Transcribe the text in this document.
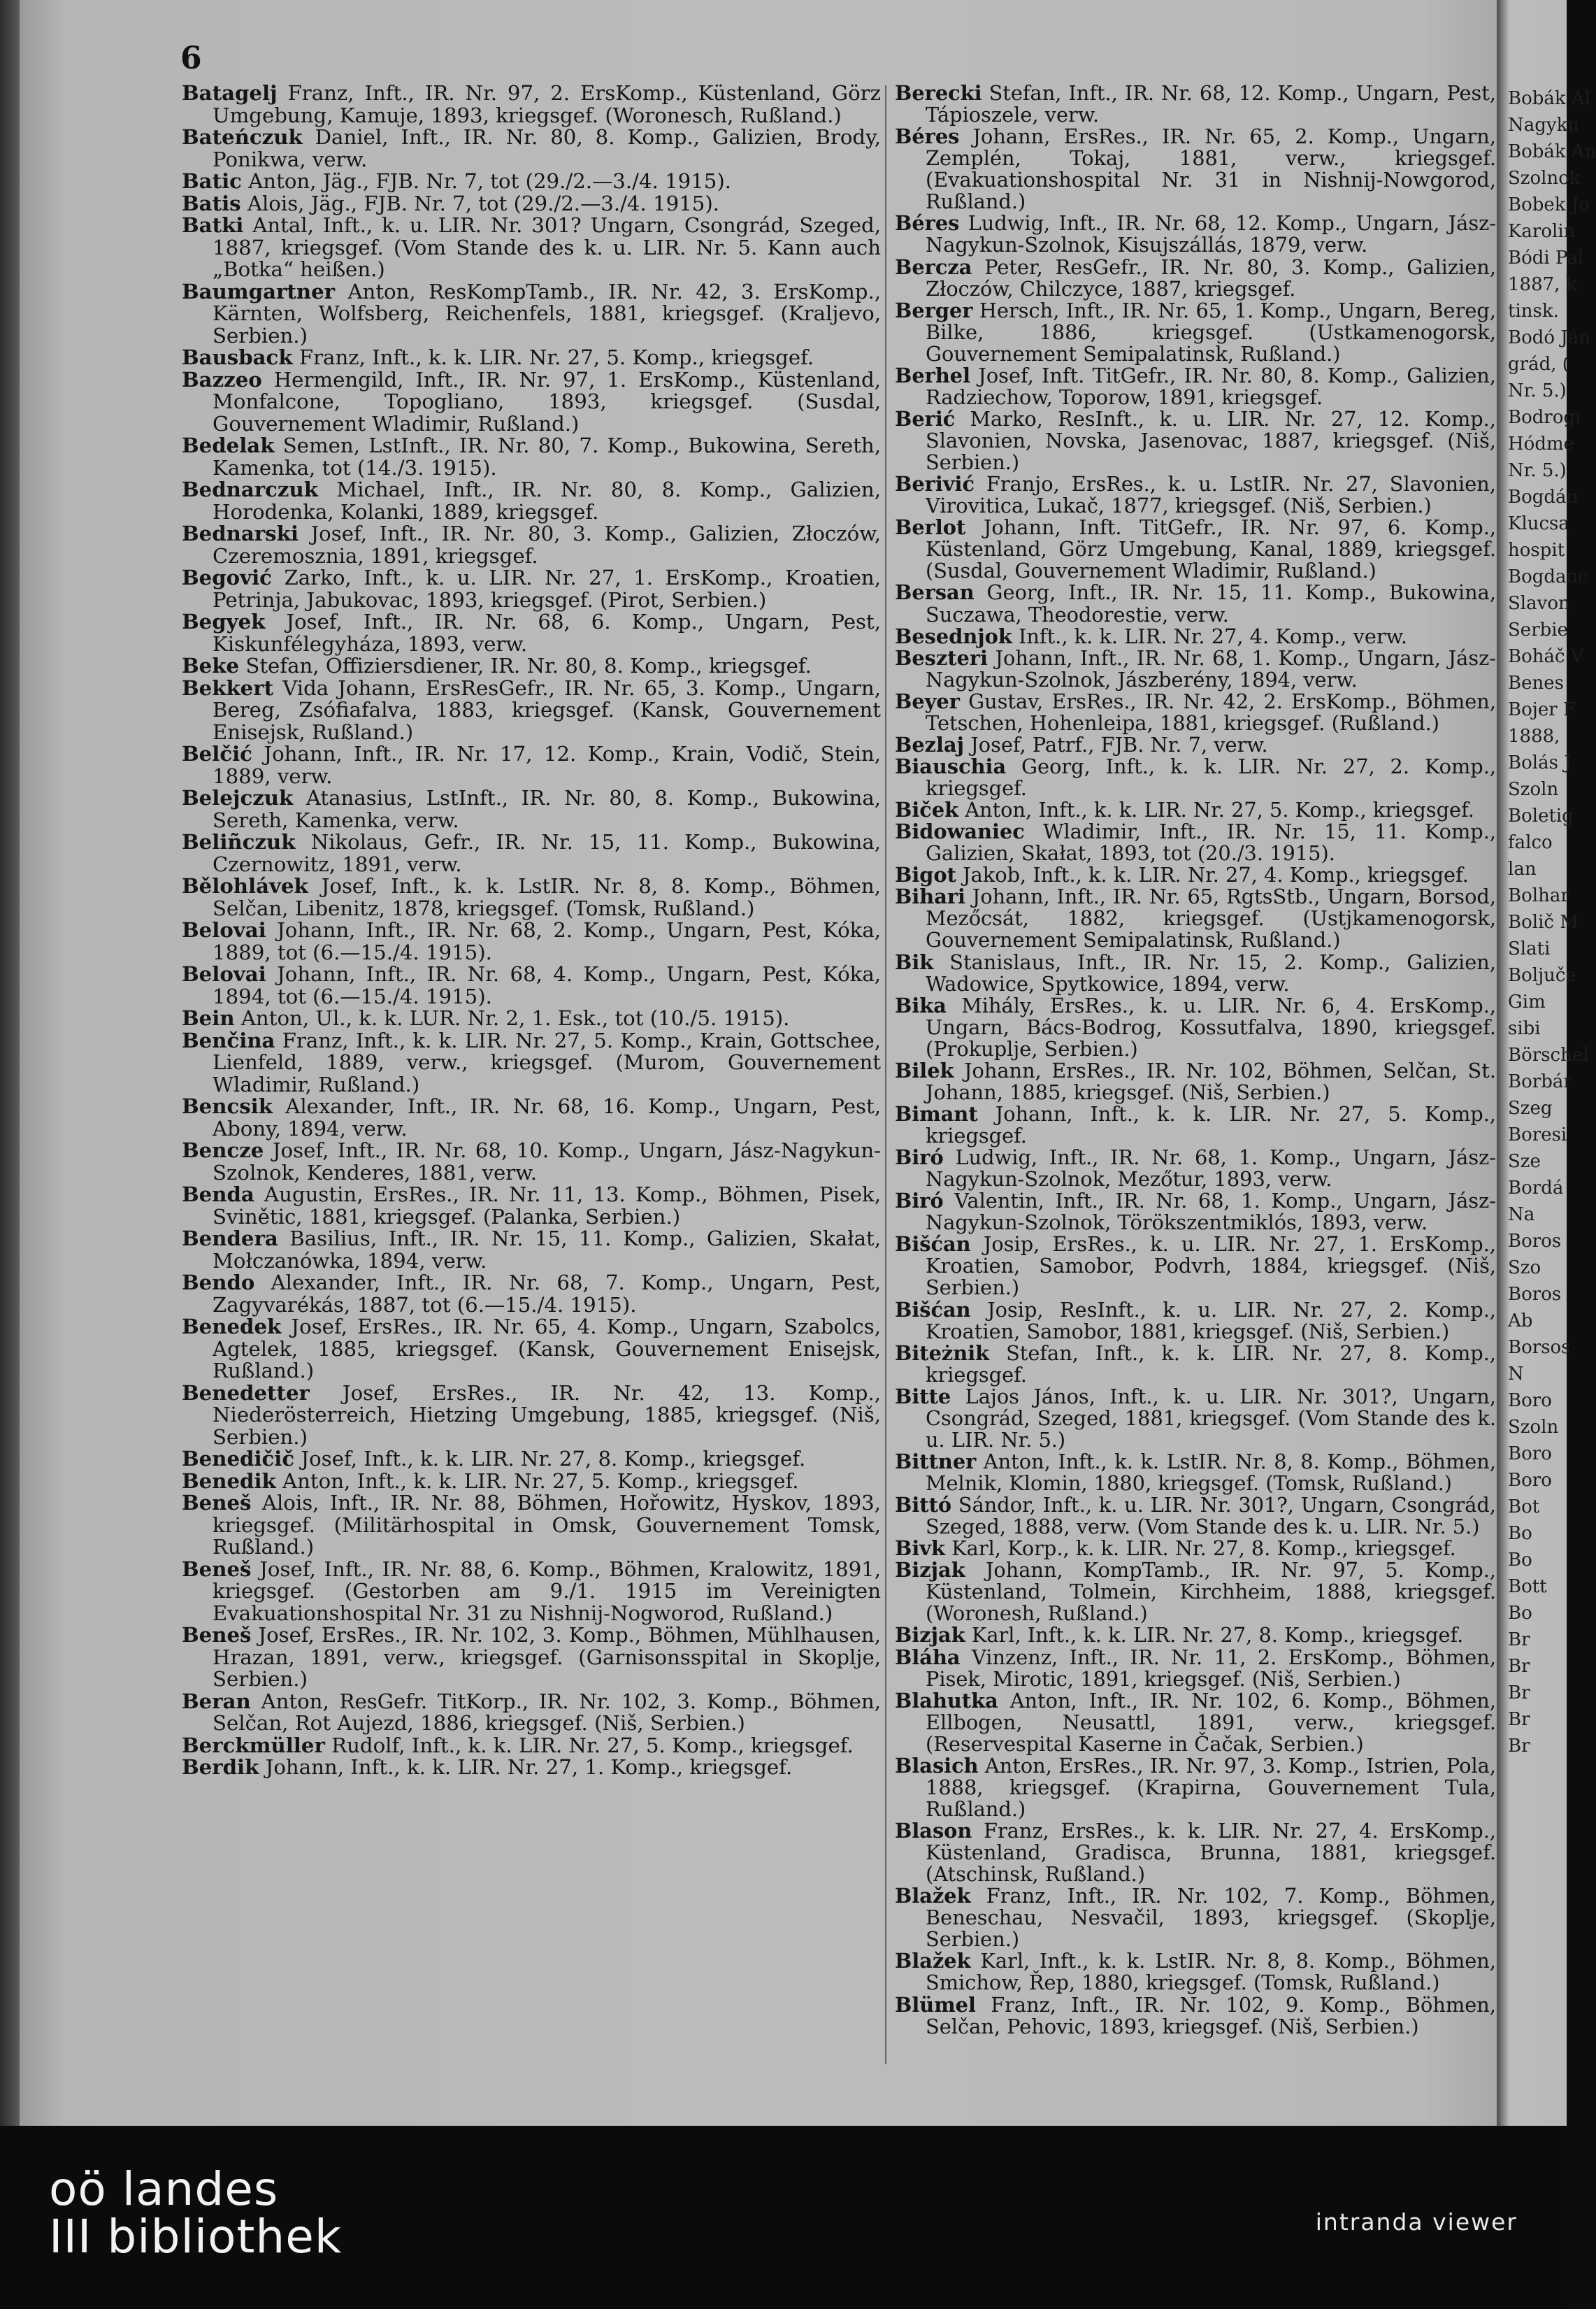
6
Batagelj Franz, Inft., IR. Nr. 97, 2. ErsKomp., Küstenland, Görz Umgebung, Kamuje, 1893, kriegsgef. (Woronesch, Rußland.)
Bateńczuk Daniel, Inft., IR. Nr. 80, 8. Komp., Galizien, Brody, Ponikwa, verw.
Batic Anton, Jäg., FJB. Nr. 7, tot (29./2.—3./4. 1915).
Batis Alois, Jäg., FJB. Nr. 7, tot (29./2.—3./4. 1915).
Batki Antal, Inft., k. u. LIR. Nr. 301? Ungarn, Csongrád, Szeged, 1887, kriegsgef. (Vom Stande des k. u. LIR. Nr. 5. Kann auch „Botka“ heißen.)
Baumgartner Anton, ResKompTamb., IR. Nr. 42, 3. ErsKomp., Kärnten, Wolfsberg, Reichenfels, 1881, kriegsgef. (Kraljevo, Serbien.)
Bausback Franz, Inft., k. k. LIR. Nr. 27, 5. Komp., kriegsgef.
Bazzeo Hermengild, Inft., IR. Nr. 97, 1. ErsKomp., Küstenland, Monfalcone, Topogliano, 1893, kriegsgef. (Susdal, Gouvernement Wladimir, Rußland.)
Bedelak Semen, LstInft., IR. Nr. 80, 7. Komp., Bukowina, Sereth, Kamenka, tot (14./3. 1915).
Bednarczuk Michael, Inft., IR. Nr. 80, 8. Komp., Galizien, Horodenka, Kolanki, 1889, kriegsgef.
Bednarski Josef, Inft., IR. Nr. 80, 3. Komp., Galizien, Złoczów, Czeremosznia, 1891, kriegsgef.
Begović Zarko, Inft., k. u. LIR. Nr. 27, 1. ErsKomp., Kroatien, Petrinja, Jabukovac, 1893, kriegsgef. (Pirot, Serbien.)
Begyek Josef, Inft., IR. Nr. 68, 6. Komp., Ungarn, Pest, Kiskunfélegyháza, 1893, verw.
Beke Stefan, Offiziersdiener, IR. Nr. 80, 8. Komp., kriegsgef.
Bekkert Vida Johann, ErsResGefr., IR. Nr. 65, 3. Komp., Ungarn, Bereg, Zsófiafalva, 1883, kriegsgef. (Kansk, Gouvernement Enisejsk, Rußland.)
Belčić Johann, Inft., IR. Nr. 17, 12. Komp., Krain, Vodič, Stein, 1889, verw.
Belejczuk Atanasius, LstInft., IR. Nr. 80, 8. Komp., Bukowina, Sereth, Kamenka, verw.
Beliñczuk Nikolaus, Gefr., IR. Nr. 15, 11. Komp., Bukowina, Czernowitz, 1891, verw.
Bělohlávek Josef, Inft., k. k. LstIR. Nr. 8, 8. Komp., Böhmen, Selčan, Libenitz, 1878, kriegsgef. (Tomsk, Rußland.)
Belovai Johann, Inft., IR. Nr. 68, 2. Komp., Ungarn, Pest, Kóka, 1889, tot (6.—15./4. 1915).
Belovai Johann, Inft., IR. Nr. 68, 4. Komp., Ungarn, Pest, Kóka, 1894, tot (6.—15./4. 1915).
Bein Anton, Ul., k. k. LUR. Nr. 2, 1. Esk., tot (10./5. 1915).
Benčina Franz, Inft., k. k. LIR. Nr. 27, 5. Komp., Krain, Gottschee, Lienfeld, 1889, verw., kriegsgef. (Murom, Gouvernement Wladimir, Rußland.)
Bencsik Alexander, Inft., IR. Nr. 68, 16. Komp., Ungarn, Pest, Abony, 1894, verw.
Bencze Josef, Inft., IR. Nr. 68, 10. Komp., Ungarn, Jász-Nagykun-Szolnok, Kenderes, 1881, verw.
Benda Augustin, ErsRes., IR. Nr. 11, 13. Komp., Böhmen, Pisek, Svinětic, 1881, kriegsgef. (Palanka, Serbien.)
Bendera Basilius, Inft., IR. Nr. 15, 11. Komp., Galizien, Skałat, Mołczanówka, 1894, verw.
Bendo Alexander, Inft., IR. Nr. 68, 7. Komp., Ungarn, Pest, Zagyvarékás, 1887, tot (6.—15./4. 1915).
Benedek Josef, ErsRes., IR. Nr. 65, 4. Komp., Ungarn, Szabolcs, Agtelek, 1885, kriegsgef. (Kansk, Gouvernement Enisejsk, Rußland.)
Benedetter Josef, ErsRes., IR. Nr. 42, 13. Komp., Niederösterreich, Hietzing Umgebung, 1885, kriegsgef. (Niš, Serbien.)
Benedičič Josef, Inft., k. k. LIR. Nr. 27, 8. Komp., kriegsgef.
Benedik Anton, Inft., k. k. LIR. Nr. 27, 5. Komp., kriegsgef.
Beneš Alois, Inft., IR. Nr. 88, Böhmen, Hořowitz, Hyskov, 1893, kriegsgef. (Militärhospital in Omsk, Gouvernement Tomsk, Rußland.)
Beneš Josef, Inft., IR. Nr. 88, 6. Komp., Böhmen, Kralowitz, 1891, kriegsgef. (Gestorben am 9./1. 1915 im Vereinigten Evakuationshospital Nr. 31 zu Nishnij-Nogworod, Rußland.)
Beneš Josef, ErsRes., IR. Nr. 102, 3. Komp., Böhmen, Mühlhausen, Hrazan, 1891, verw., kriegsgef. (Garnisonsspital in Skoplje, Serbien.)
Beran Anton, ResGefr. TitKorp., IR. Nr. 102, 3. Komp., Böhmen, Selčan, Rot Aujezd, 1886, kriegsgef. (Niš, Serbien.)
Berckmüller Rudolf, Inft., k. k. LIR. Nr. 27, 5. Komp., kriegsgef.
Berdik Johann, Inft., k. k. LIR. Nr. 27, 1. Komp., kriegsgef.
Berecki Stefan, Inft., IR. Nr. 68, 12. Komp., Ungarn, Pest, Tápioszele, verw.
Béres Johann, ErsRes., IR. Nr. 65, 2. Komp., Ungarn, Zemplén, Tokaj, 1881, verw., kriegsgef. (Evakuationshospital Nr. 31 in Nishnij-Nowgorod, Rußland.)
Béres Ludwig, Inft., IR. Nr. 68, 12. Komp., Ungarn, Jász-Nagykun-Szolnok, Kisujszállás, 1879, verw.
Bercza Peter, ResGefr., IR. Nr. 80, 3. Komp., Galizien, Złoczów, Chilczyce, 1887, kriegsgef.
Berger Hersch, Inft., IR. Nr. 65, 1. Komp., Ungarn, Bereg, Bilke, 1886, kriegsgef. (Ustkamenogorsk, Gouvernement Semipalatinsk, Rußland.)
Berhel Josef, Inft. TitGefr., IR. Nr. 80, 8. Komp., Galizien, Radziechow, Toporow, 1891, kriegsgef.
Berić Marko, ResInft., k. u. LIR. Nr. 27, 12. Komp., Slavonien, Novska, Jasenovac, 1887, kriegsgef. (Niš, Serbien.)
Berivić Franjo, ErsRes., k. u. LstIR. Nr. 27, Slavonien, Virovitica, Lukač, 1877, kriegsgef. (Niš, Serbien.)
Berlot Johann, Inft. TitGefr., IR. Nr. 97, 6. Komp., Küstenland, Görz Umgebung, Kanal, 1889, kriegsgef. (Susdal, Gouvernement Wladimir, Rußland.)
Bersan Georg, Inft., IR. Nr. 15, 11. Komp., Bukowina, Suczawa, Theodorestie, verw.
Besednjok Inft., k. k. LIR. Nr. 27, 4. Komp., verw.
Beszteri Johann, Inft., IR. Nr. 68, 1. Komp., Ungarn, Jász-Nagykun-Szolnok, Jászberény, 1894, verw.
Beyer Gustav, ErsRes., IR. Nr. 42, 2. ErsKomp., Böhmen, Tetschen, Hohenleipa, 1881, kriegsgef. (Rußland.)
Bezlaj Josef, Patrf., FJB. Nr. 7, verw.
Biauschia Georg, Inft., k. k. LIR. Nr. 27, 2. Komp., kriegsgef.
Biček Anton, Inft., k. k. LIR. Nr. 27, 5. Komp., kriegsgef.
Bidowaniec Wladimir, Inft., IR. Nr. 15, 11. Komp., Galizien, Skałat, 1893, tot (20./3. 1915).
Bigot Jakob, Inft., k. k. LIR. Nr. 27, 4. Komp., kriegsgef.
Bihari Johann, Inft., IR. Nr. 65, RgtsStb., Ungarn, Borsod, Mezőcsát, 1882, kriegsgef. (Ustjkamenogorsk, Gouvernement Semipalatinsk, Rußland.)
Bik Stanislaus, Inft., IR. Nr. 15, 2. Komp., Galizien, Wadowice, Spytkowice, 1894, verw.
Bika Mihály, ErsRes., k. u. LIR. Nr. 6, 4. ErsKomp., Ungarn, Bács-Bodrog, Kossutfalva, 1890, kriegsgef. (Prokuplje, Serbien.)
Bilek Johann, ErsRes., IR. Nr. 102, Böhmen, Selčan, St. Johann, 1885, kriegsgef. (Niš, Serbien.)
Bimant Johann, Inft., k. k. LIR. Nr. 27, 5. Komp., kriegsgef.
Biró Ludwig, Inft., IR. Nr. 68, 1. Komp., Ungarn, Jász-Nagykun-Szolnok, Mezőtur, 1893, verw.
Biró Valentin, Inft., IR. Nr. 68, 1. Komp., Ungarn, Jász-Nagykun-Szolnok, Törökszentmiklós, 1893, verw.
Bišćan Josip, ErsRes., k. u. LIR. Nr. 27, 1. ErsKomp., Kroatien, Samobor, Podvrh, 1884, kriegsgef. (Niš, Serbien.)
Bišćan Josip, ResInft., k. u. LIR. Nr. 27, 2. Komp., Kroatien, Samobor, 1881, kriegsgef. (Niš, Serbien.)
Biteżnik Stefan, Inft., k. k. LIR. Nr. 27, 8. Komp., kriegsgef.
Bitte Lajos János, Inft., k. u. LIR. Nr. 301?, Ungarn, Csongrád, Szeged, 1881, kriegsgef. (Vom Stande des k. u. LIR. Nr. 5.)
Bittner Anton, Inft., k. k. LstIR. Nr. 8, 8. Komp., Böhmen, Melnik, Klomin, 1880, kriegsgef. (Tomsk, Rußland.)
Bittó Sándor, Inft., k. u. LIR. Nr. 301?, Ungarn, Csongrád, Szeged, 1888, verw. (Vom Stande des k. u. LIR. Nr. 5.)
Bivk Karl, Korp., k. k. LIR. Nr. 27, 8. Komp., kriegsgef.
Bizjak Johann, KompTamb., IR. Nr. 97, 5. Komp., Küstenland, Tolmein, Kirchheim, 1888, kriegsgef. (Woronesh, Rußland.)
Bizjak Karl, Inft., k. k. LIR. Nr. 27, 8. Komp., kriegsgef.
Bláha Vinzenz, Inft., IR. Nr. 11, 2. ErsKomp., Böhmen, Pisek, Mirotic, 1891, kriegsgef. (Niš, Serbien.)
Blahutka Anton, Inft., IR. Nr. 102, 6. Komp., Böhmen, Ellbogen, Neusattl, 1891, verw., kriegsgef. (Reservespital Kaserne in Čačak, Serbien.)
Blasich Anton, ErsRes., IR. Nr. 97, 3. Komp., Istrien, Pola, 1888, kriegsgef. (Krapirna, Gouvernement Tula, Rußland.)
Blason Franz, ErsRes., k. k. LIR. Nr. 27, 4. ErsKomp., Küstenland, Gradisca, Brunna, 1881, kriegsgef. (Atschinsk, Rußland.)
Blažek Franz, Inft., IR. Nr. 102, 7. Komp., Böhmen, Beneschau, Nesvačil, 1893, kriegsgef. (Skoplje, Serbien.)
Blažek Karl, Inft., k. k. LstIR. Nr. 8, 8. Komp., Böhmen, Smichow, Řep, 1880, kriegsgef. (Tomsk, Rußland.)
Blümel Franz, Inft., IR. Nr. 102, 9. Komp., Böhmen, Selčan, Pehovic, 1893, kriegsgef. (Niš, Serbien.)
Bobák Al
Nagyku
Bobák An
Szolnok
Bobek Jo
Karolin
Bódi Pal
1887, k
tinsk.
Bodó Ján
grád, (
Nr. 5.)
Bodrogi
Hódme
Nr. 5.)
Bogdán
Klucsa
hospit
Bogdanc
Slavon
Serbie
Boháč V
Benes
Bojer F
1888,
Bolás J
Szoln
Boletig
falco
lan
Bolhar
Bolič M
Slati
Boljuče
Gim
sibi
Börschel
Borbár
Szeg
Boresi
Sze
Bordá
Na
Boros
Szo
Boros
Ab
Borsos
N
Boro
Szoln
Boro
Boro
Bot
Bo
Bo
Bott
Bo
Br
Br
Br
Br
Br
oö landes
III bibliothek	intranda viewer
